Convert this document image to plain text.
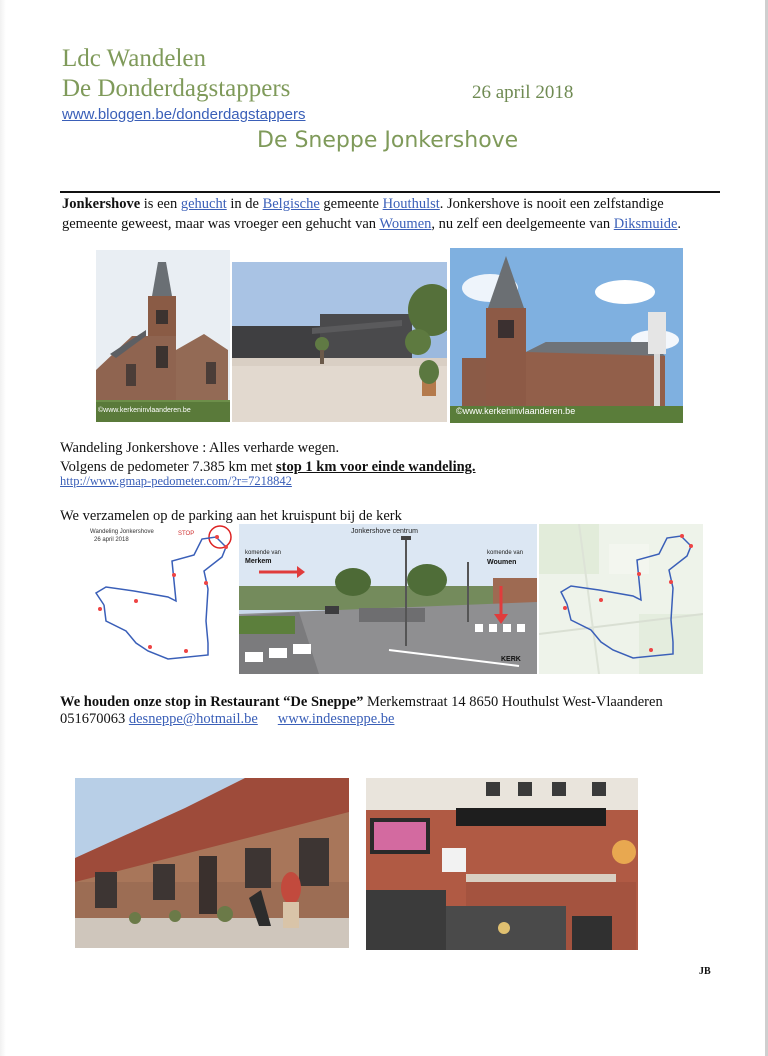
Ldc Wandelen
De Donderdagstappers	26 april 2018
www.bloggen.be/donderdagstappers
De Sneppe Jonkershove
Jonkershove is een gehucht in de Belgische gemeente Houthulst. Jonkershove is nooit een zelfstandige gemeente geweest, maar was vroeger een gehucht van Woumen, nu zelf een deelgemeente van Diksmuide.
©www.kerkeninvlaanderen.be	©www.kerkeninvlaanderen.be
Wandeling Jonkershove : Alles verharde wegen.
Volgens de pedometer 7.385 km met stop 1 km voor einde wandeling.
http://www.gmap-pedometer.com/?r=7218842
We verzamelen op de parking aan het kruispunt bij de kerk
Wandeling Jonkershove
26 april 2018
STOP	Jonkershove centrum
komende van
Merkem
komende van
Woumen
KERK
We houden onze stop in Restaurant “De Sneppe” Merkemstraat 14 8650 Houthulst West-Vlaanderen
051670063 desneppe@hotmail.be www.indesneppe.be
JB
